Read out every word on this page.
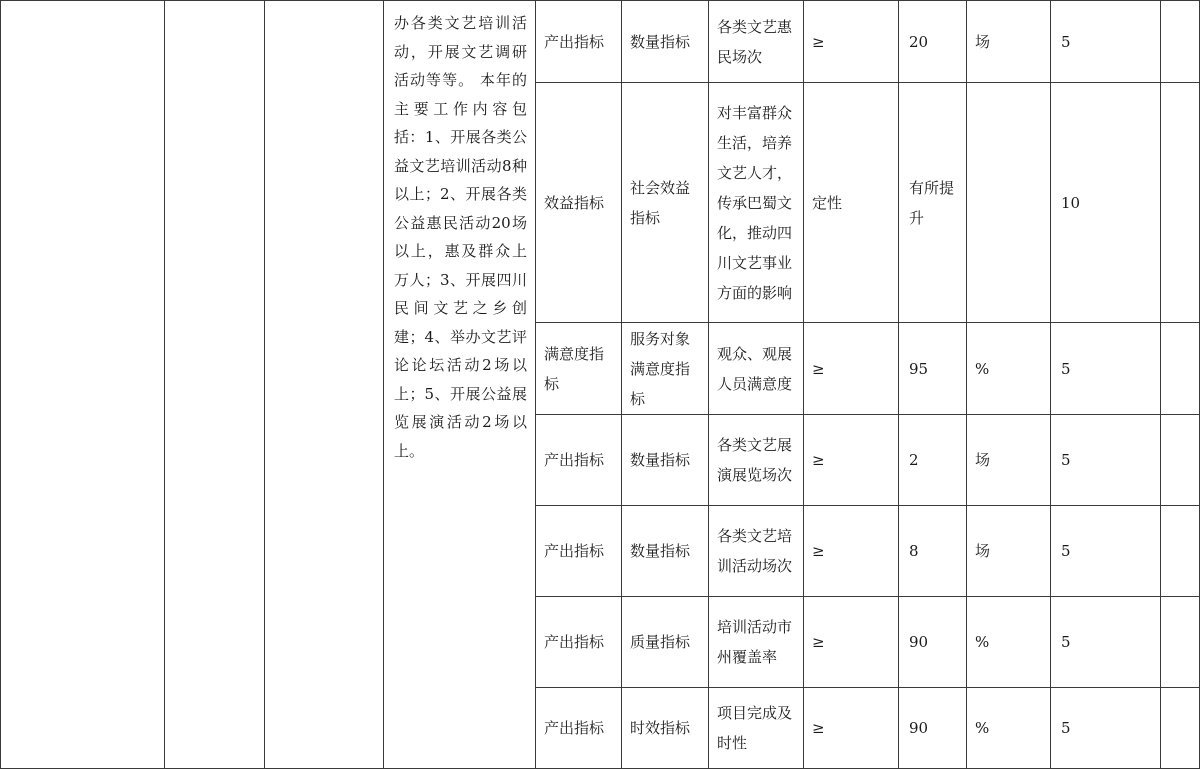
			办各类文艺培训活动，开展文艺调研活动等等。 本年的主要工作内容包括：1、开展各类公益文艺培训活动8种以上；2、开展各类公益惠民活动20场以上，惠及群众上万人；3、开展四川民间文艺之乡创建；4、举办文艺评论论坛活动2场以上；5、开展公益展览展演活动2场以上。	产出指标	数量指标	各类文艺惠民场次	≥	20	场	5	
				效益指标	社会效益指标	对丰富群众生活，培养文艺人才，传承巴蜀文化，推动四川文艺事业方面的影响	定性	有所提升		10	
				满意度指标	服务对象满意度指标	观众、观展人员满意度	≥	95	%	5	
				产出指标	数量指标	各类文艺展演展览场次	≥	2	场	5	
				产出指标	数量指标	各类文艺培训活动场次	≥	8	场	5	
				产出指标	质量指标	培训活动市州覆盖率	≥	90	%	5	
				产出指标	时效指标	项目完成及时性	≥	90	%	5	
